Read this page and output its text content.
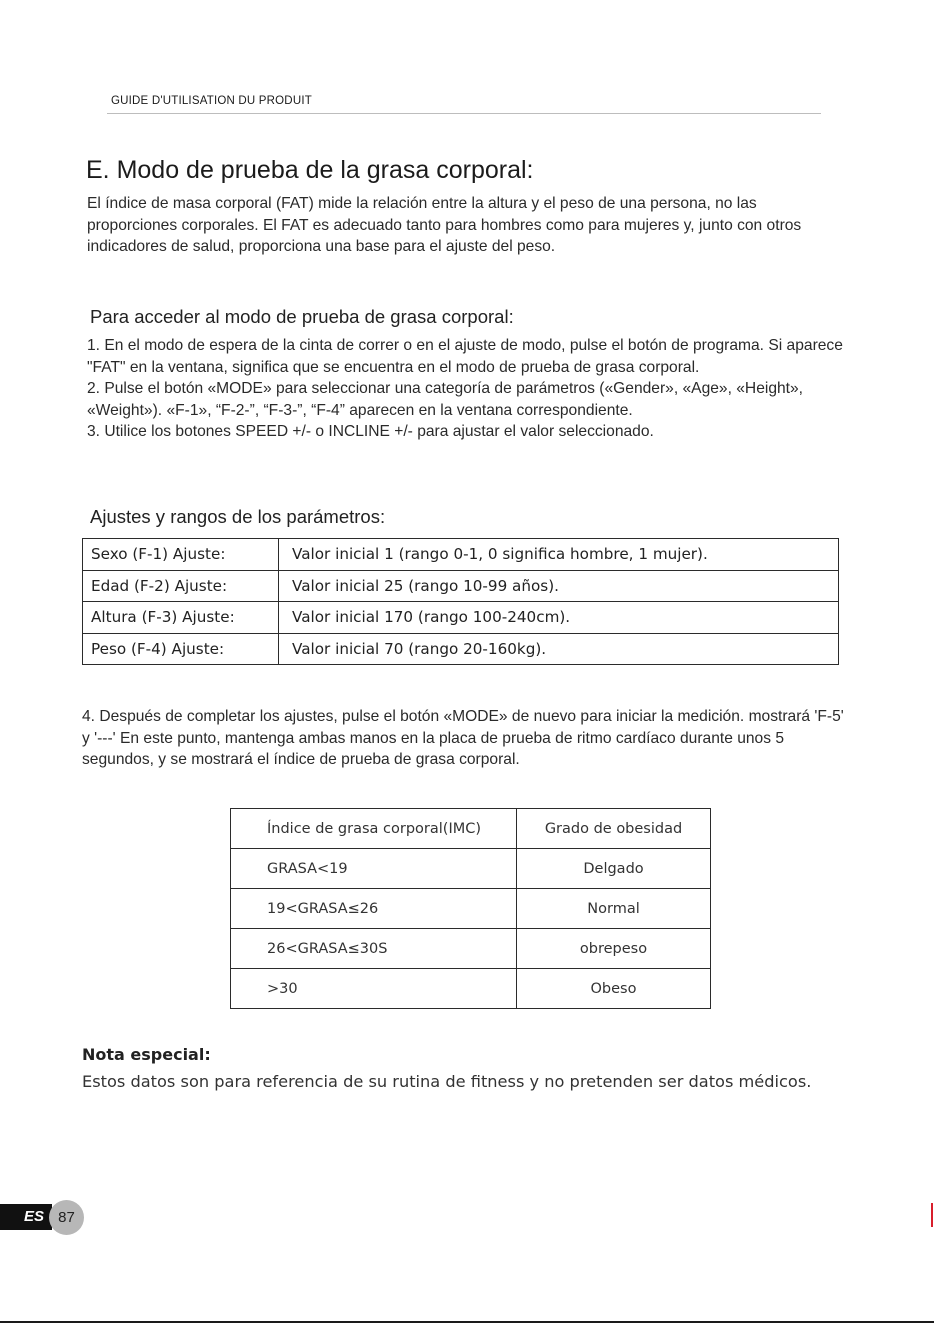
GUIDE D'UTILISATION DU PRODUIT
E. Modo de prueba de la grasa corporal:
El índice de masa corporal (FAT) mide la relación entre la altura y el peso de una persona, no las proporciones corporales. El FAT es adecuado tanto para hombres como para mujeres y, junto con otros indicadores de salud, proporciona una base para el ajuste del peso.
Para acceder al modo de prueba de grasa corporal:

1. En el modo de espera de la cinta de correr o en el ajuste de modo, pulse el botón de programa. Si aparece "FAT" en la ventana, significa que se encuentra en el modo de prueba de grasa corporal.

2. Pulse el botón «MODE» para seleccionar una categoría de parámetros («Gender», «Age», «Height», «Weight»). «F-1», “F-2-”, “F-3-”, “F-4” aparecen en la ventana correspondiente.

3. Utilice los botones SPEED +/- o INCLINE +/- para ajustar el valor seleccionado.

Ajustes y rangos de los parámetros:
Sexo (F-1) Ajuste:	Valor inicial 1 (rango 0-1, 0 significa hombre, 1 mujer).
Edad (F-2) Ajuste:	Valor inicial 25 (rango 10-99 años).
Altura (F-3) Ajuste:	Valor inicial 170 (rango 100-240cm).
Peso (F-4) Ajuste:	Valor inicial 70 (rango 20-160kg).
4. Después de completar los ajustes, pulse el botón «MODE» de nuevo para iniciar la medición. mostrará 'F-5' y '---' En este punto, mantenga ambas manos en la placa de prueba de ritmo cardíaco durante unos 5 segundos, y se mostrará el índice de prueba de grasa corporal.
Índice de grasa corporal(IMC)	Grado de obesidad
GRASA<19	Delgado
19<GRASA≤26	Normal
26<GRASA≤30S	obrepeso
>30	Obeso
Nota especial:
Estos datos son para referencia de su rutina de fitness y no pretenden ser datos médicos.
ES 87
